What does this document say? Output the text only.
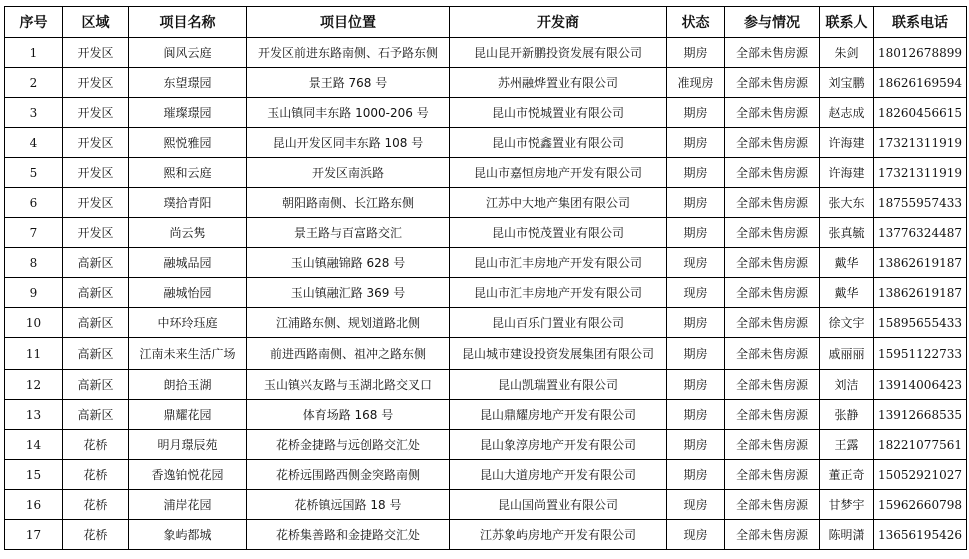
序号	区域	项目名称	项目位置	开发商	状态	参与情况	联系人	联系电话
1	开发区	阆风云庭	开发区前进东路南侧、石予路东侧	昆山昆开新鹏投资发展有限公司	期房	全部未售房源	朱剑	18012678899
2	开发区	东望璟园	景王路 768 号	苏州融烨置业有限公司	准现房	全部未售房源	刘宝鹏	18626169594
3	开发区	璀璨璟园	玉山镇同丰东路 1000-206 号	昆山市悦城置业有限公司	期房	全部未售房源	赵志成	18260456615
4	开发区	熙悦雅园	昆山开发区同丰东路 108 号	昆山市悦鑫置业有限公司	期房	全部未售房源	许海建	17321311919
5	开发区	熙和云庭	开发区南浜路	昆山市嘉恒房地产开发有限公司	期房	全部未售房源	许海建	17321311919
6	开发区	璞拾青阳	朝阳路南侧、长江路东侧	江苏中大地产集团有限公司	期房	全部未售房源	张大东	18755957433
7	开发区	尚云隽	景王路与百富路交汇	昆山市悦茂置业有限公司	期房	全部未售房源	张真毓	13776324487
8	高新区	融城品园	玉山镇融锦路 628 号	昆山市汇丰房地产开发有限公司	现房	全部未售房源	戴华	13862619187
9	高新区	融城怡园	玉山镇融汇路 369 号	昆山市汇丰房地产开发有限公司	现房	全部未售房源	戴华	13862619187
10	高新区	中环玲珏庭	江浦路东侧、规划道路北侧	昆山百乐门置业有限公司	期房	全部未售房源	徐文宇	15895655433
11	高新区	江南未来生活广场	前进西路南侧、祖冲之路东侧	昆山城市建设投资发展集团有限公司	期房	全部未售房源	戚丽丽	15951122733
12	高新区	朗拾玉湖	玉山镇兴友路与玉湖北路交叉口	昆山凯瑞置业有限公司	期房	全部未售房源	刘洁	13914006423
13	高新区	鼎耀花园	体育场路 168 号	昆山鼎耀房地产开发有限公司	期房	全部未售房源	张静	13912668535
14	花桥	明月璟辰苑	花桥金捷路与远创路交汇处	昆山象淳房地产开发有限公司	期房	全部未售房源	王露	18221077561
15	花桥	香逸铂悦花园	花桥远围路西侧金突路南侧	昆山大道房地产开发有限公司	期房	全部未售房源	董正奇	15052921027
16	花桥	浦岸花园	花桥镇远国路 18 号	昆山国尚置业有限公司	现房	全部未售房源	甘梦宇	15962660798
17	花桥	象屿都城	花桥集善路和金捷路交汇处	江苏象屿房地产开发有限公司	现房	全部未售房源	陈明潇	13656195426
